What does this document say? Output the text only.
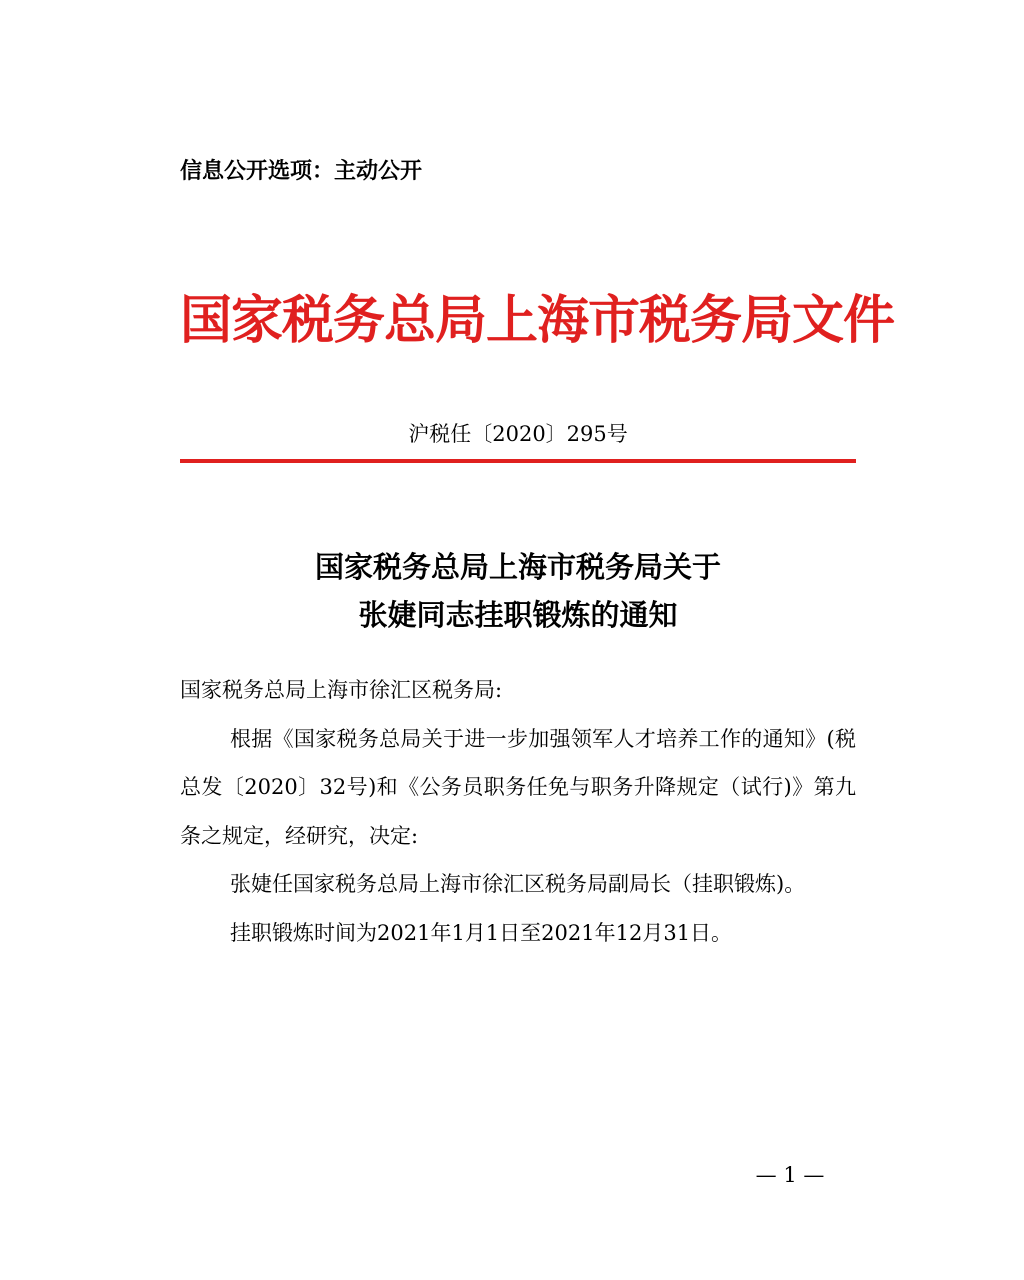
信息公开选项：主动公开
国家税务总局上海市税务局文件
沪税任〔2020〕295号
国家税务总局上海市税务局关于
张婕同志挂职锻炼的通知

国家税务总局上海市徐汇区税务局:

根据《国家税务总局关于进一步加强领军人才培养工作的通知》(税总发〔2020〕32号)和《公务员职务任免与职务升降规定（试行)》第九条之规定，经研究，决定:

张婕任国家税务总局上海市徐汇区税务局副局长（挂职锻炼)。

挂职锻炼时间为2021年1月1日至2021年12月31日。

— 1 —
